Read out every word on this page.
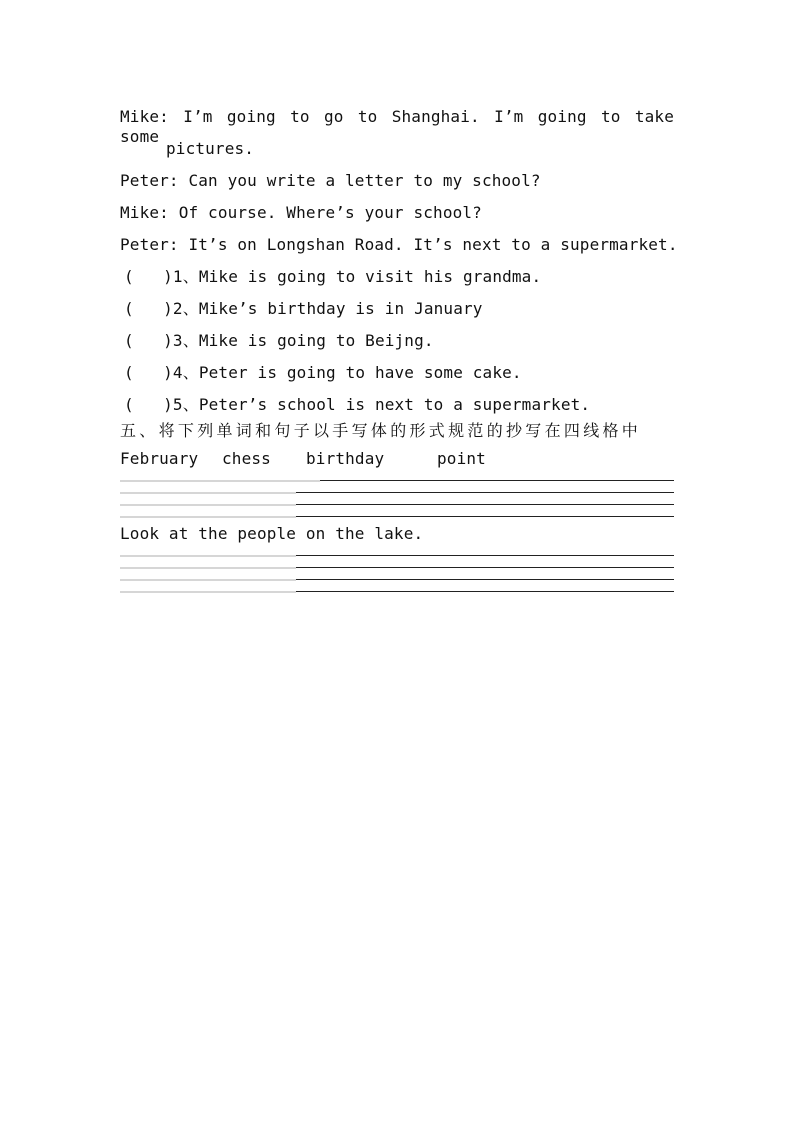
Mike: I’m going to go to Shanghai. I’m going to take some
pictures.
Peter: Can you write a letter to my school?
Mike: Of course. Where’s your school?
Peter: It’s on Longshan Road. It’s next to a supermarket.
(   )1、Mike is going to visit his grandma.
(   )2、Mike’s birthday is in January
(   )3、Mike is going to Beijng.
(   )4、Peter is going to have some cake.
(   )5、Peter’s school is next to a supermarket.
五、将下列单词和句子以手写体的形式规范的抄写在四线格中
February chess birthday	point
Look at the people on the lake.
